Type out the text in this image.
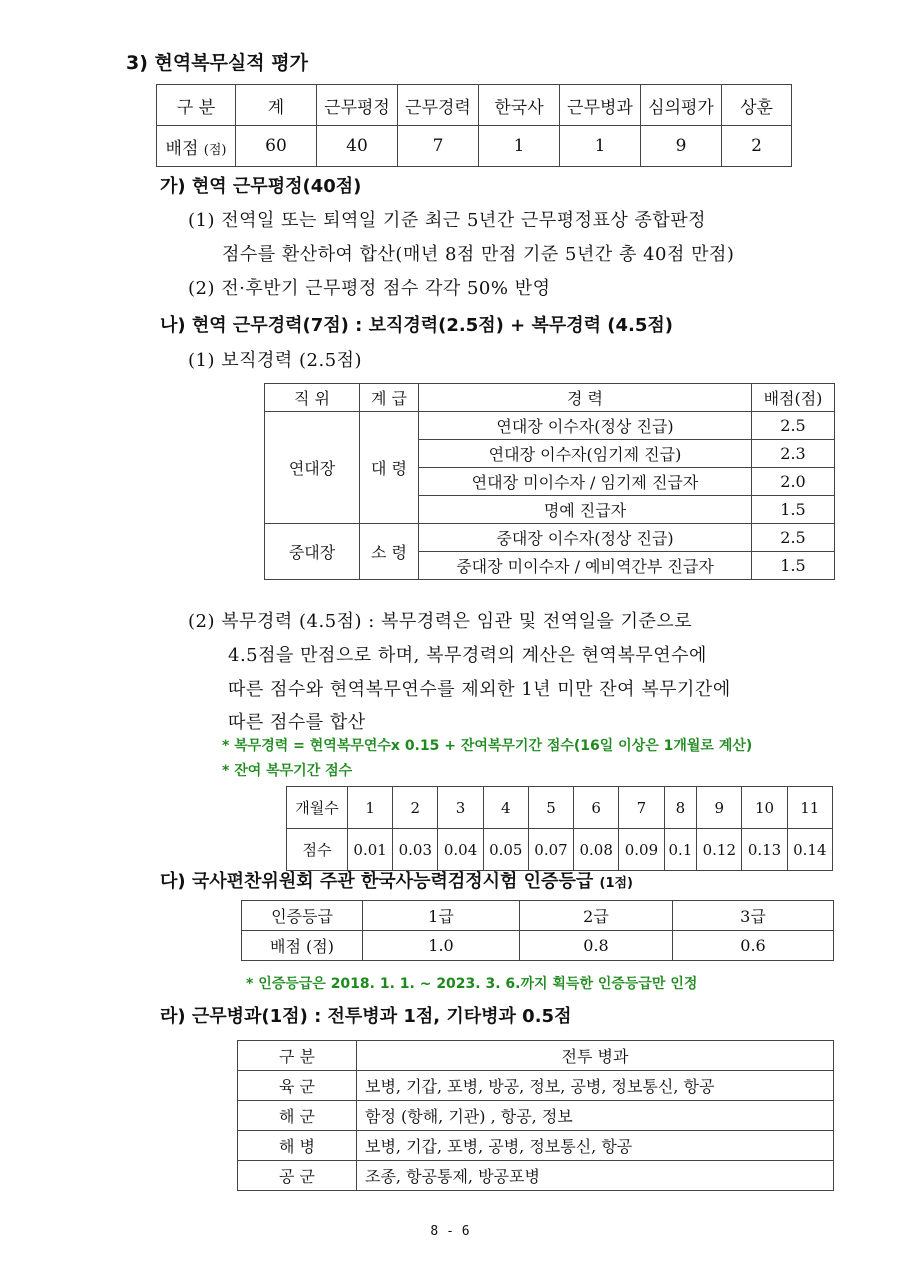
3) 현역복무실적 평가
구 분	계	근무평정	근무경력	한국사	근무병과	심의평가	상훈
배점 (점)	60	40	7	1	1	9	2
가) 현역 근무평정(40점)
(1) 전역일 또는 퇴역일 기준 최근 5년간 근무평정표상 종합판정
점수를 환산하여 합산(매년 8점 만점 기준 5년간 총 40점 만점)
(2) 전·후반기 근무평정 점수 각각 50% 반영
나) 현역 근무경력(7점) : 보직경력(2.5점) + 복무경력 (4.5점)
(1) 보직경력 (2.5점)
직 위	계 급	경 력	배점(점)
연대장	대 령	연대장 이수자(정상 진급)	2.5
		연대장 이수자(임기제 진급)	2.3
		연대장 미이수자 / 임기제 진급자	2.0
		명예 진급자	1.5
중대장	소 령	중대장 이수자(정상 진급)	2.5
		중대장 미이수자 / 예비역간부 진급자	1.5
(2) 복무경력 (4.5점) : 복무경력은 임관 및 전역일을 기준으로
4.5점을 만점으로 하며, 복무경력의 계산은 현역복무연수에
따른 점수와 현역복무연수를 제외한 1년 미만 잔여 복무기간에
따른 점수를 합산
* 복무경력 = 현역복무연수x 0.15 + 잔여복무기간 점수(16일 이상은 1개월로 계산)
* 잔여 복무기간 점수
개월수	1	2	3	4	5	6	7	8	9	10	11
점수	0.01	0.03	0.04	0.05	0.07	0.08	0.09	0.1	0.12	0.13	0.14
다) 국사편찬위원회 주관 한국사능력검정시험 인증등급 (1점)
인증등급	1급	2급	3급
배점 (점)	1.0	0.8	0.6
* 인증등급은 2018. 1. 1. ~ 2023. 3. 6.까지 획득한 인증등급만 인정
라) 근무병과(1점) : 전투병과 1점, 기타병과 0.5점
구 분	전투 병과
육 군	보병, 기갑, 포병, 방공, 정보, 공병, 정보통신, 항공
해 군	함정 (항해, 기관) , 항공, 정보
해 병	보병, 기갑, 포병, 공병, 정보통신, 항공
공 군	조종, 항공통제, 방공포병
8 - 6
